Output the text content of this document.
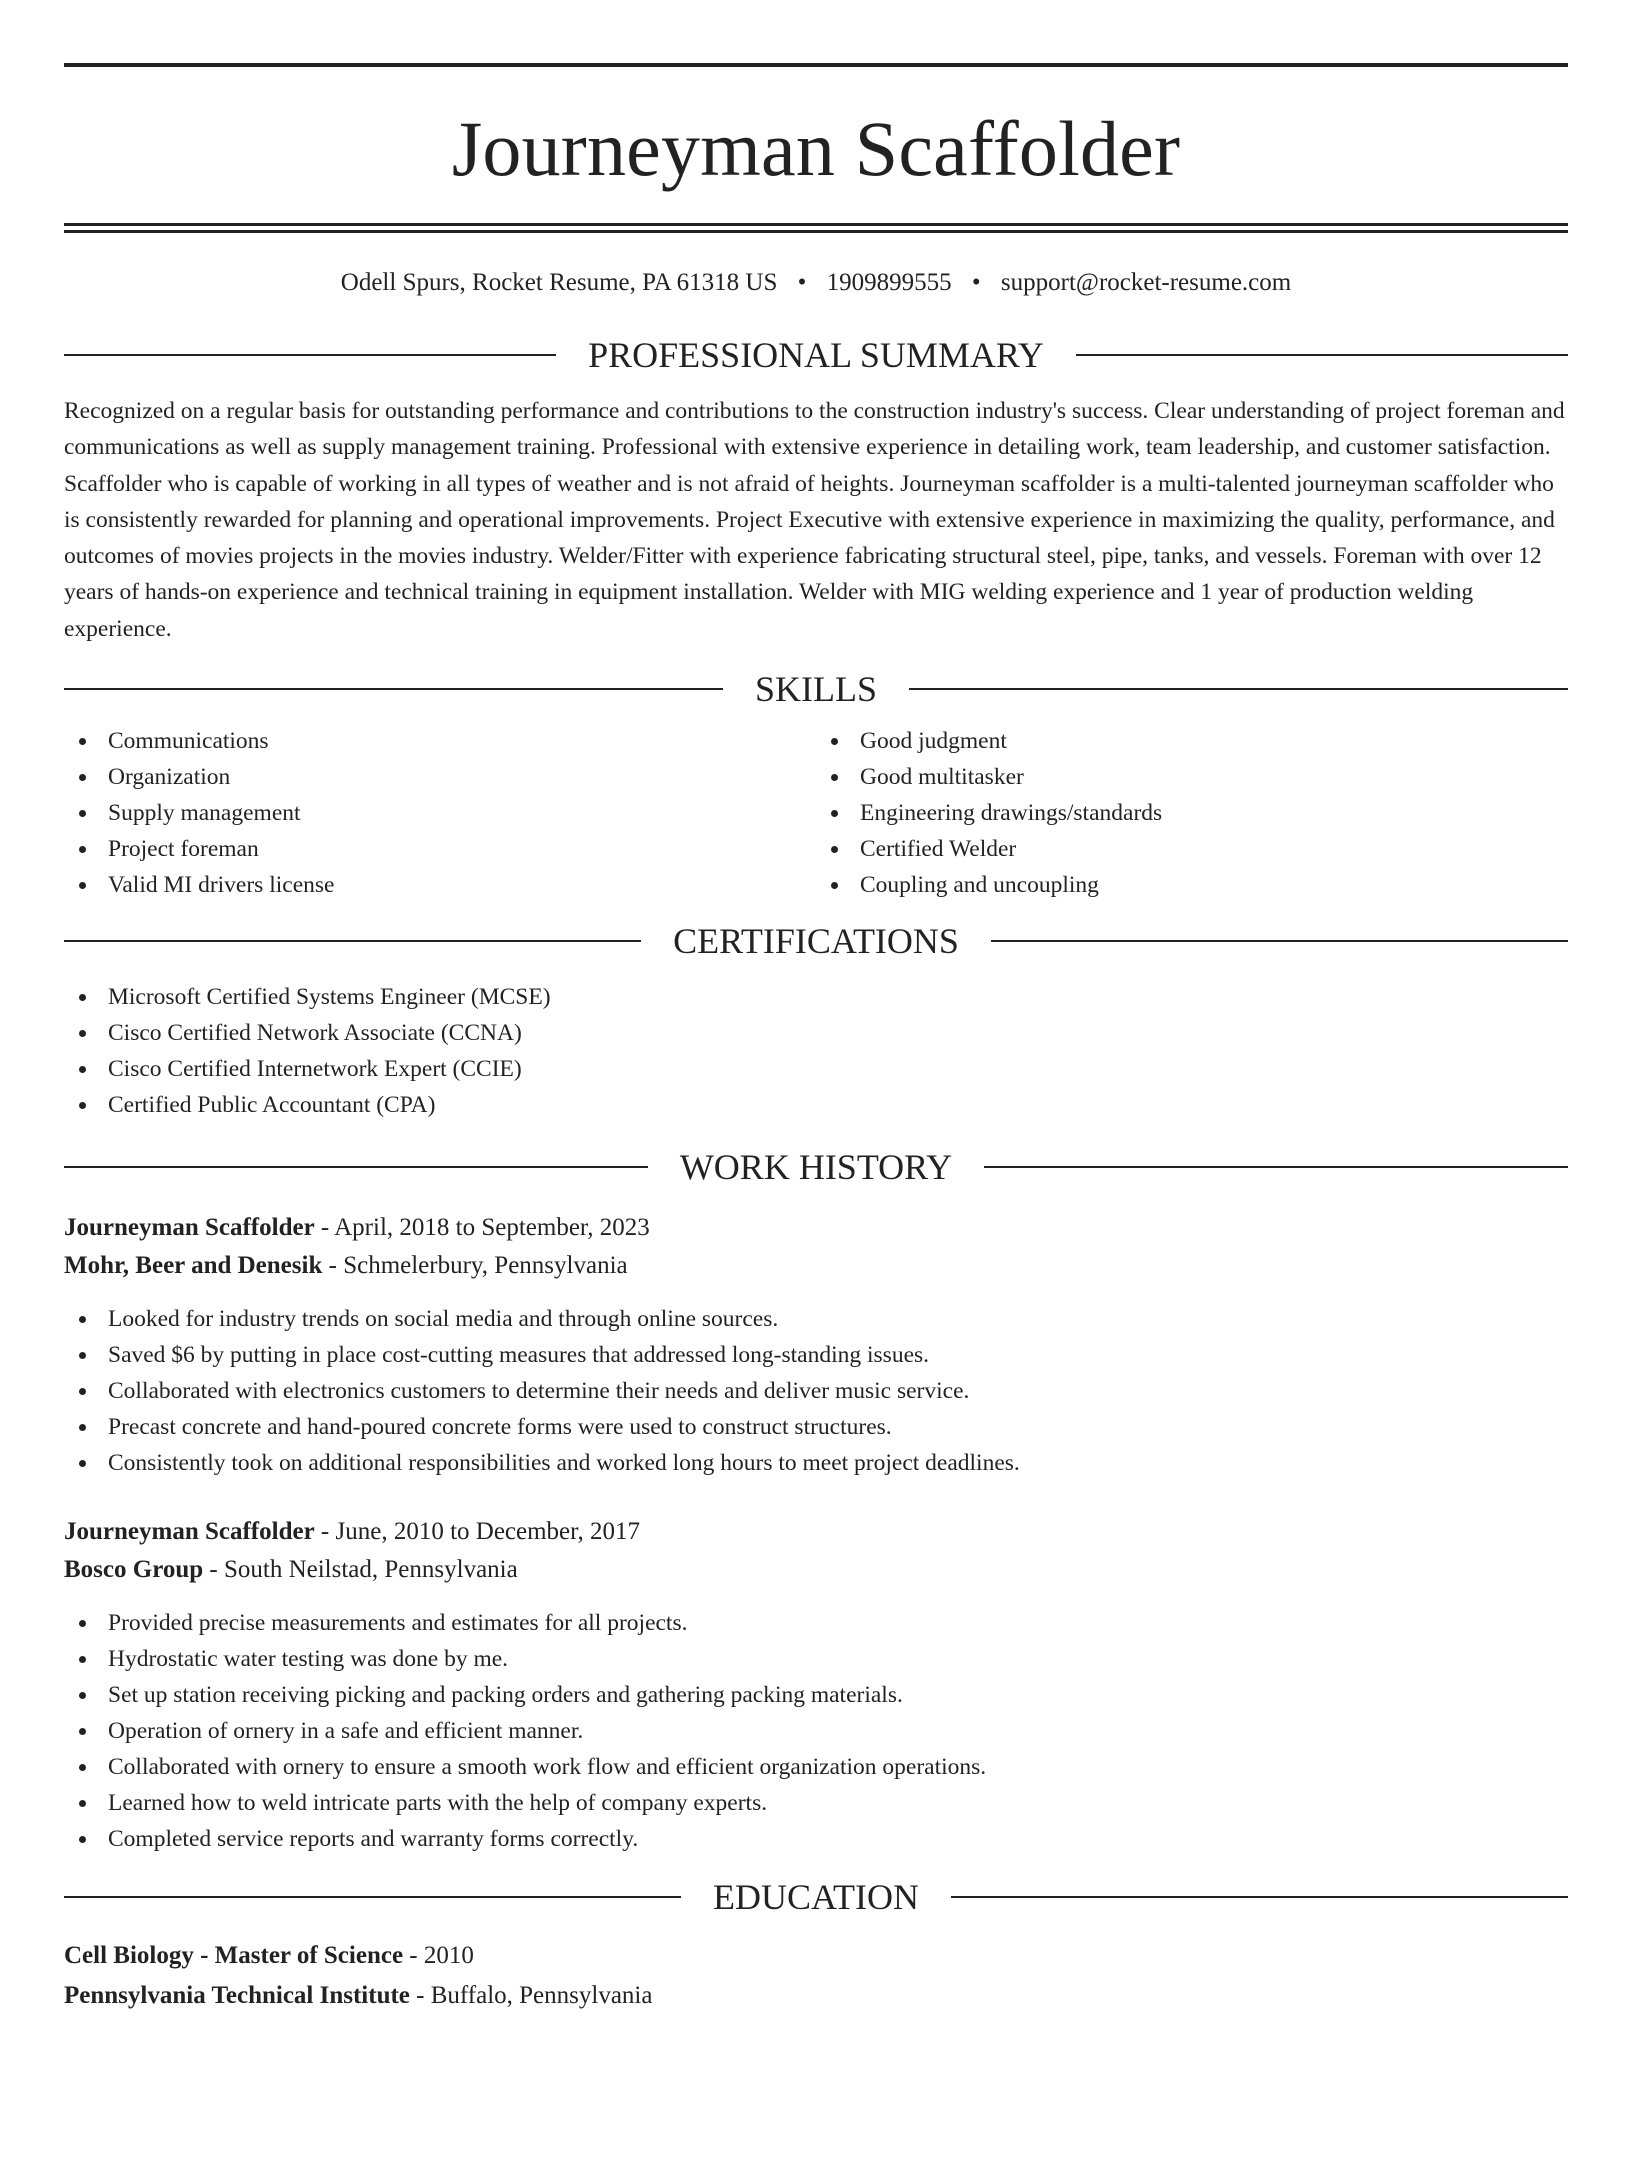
Journeyman Scaffolder
Odell Spurs, Rocket Resume, PA 61318 US • 1909899555 • support@rocket-resume.com
PROFESSIONAL SUMMARY

Recognized on a regular basis for outstanding performance and contributions to the construction industry's success. Clear understanding of project foreman and communications as well as supply management training. Professional with extensive experience in detailing work, team leadership, and customer satisfaction. Scaffolder who is capable of working in all types of weather and is not afraid of heights. Journeyman scaffolder is a multi-talented journeyman scaffolder who is consistently rewarded for planning and operational improvements. Project Executive with extensive experience in maximizing the quality, performance, and outcomes of movies projects in the movies industry. Welder/Fitter with experience fabricating structural steel, pipe, tanks, and vessels. Foreman with over 12 years of hands-on experience and technical training in equipment installation. Welder with MIG welding experience and 1 year of production welding experience.

SKILLS
Communications
Organization
Supply management
Project foreman
Valid MI drivers license
Good judgment
Good multitasker
Engineering drawings/standards
Certified Welder
Coupling and uncoupling
CERTIFICATIONS
Microsoft Certified Systems Engineer (MCSE)
Cisco Certified Network Associate (CCNA)
Cisco Certified Internetwork Expert (CCIE)
Certified Public Accountant (CPA)
WORK HISTORY
Journeyman Scaffolder - April, 2018 to September, 2023
Mohr, Beer and Denesik - Schmelerbury, Pennsylvania
Looked for industry trends on social media and through online sources.
Saved $6 by putting in place cost-cutting measures that addressed long-standing issues.
Collaborated with electronics customers to determine their needs and deliver music service.
Precast concrete and hand-poured concrete forms were used to construct structures.
Consistently took on additional responsibilities and worked long hours to meet project deadlines.
Journeyman Scaffolder - June, 2010 to December, 2017
Bosco Group - South Neilstad, Pennsylvania
Provided precise measurements and estimates for all projects.
Hydrostatic water testing was done by me.
Set up station receiving picking and packing orders and gathering packing materials.
Operation of ornery in a safe and efficient manner.
Collaborated with ornery to ensure a smooth work flow and efficient organization operations.
Learned how to weld intricate parts with the help of company experts.
Completed service reports and warranty forms correctly.
EDUCATION
Cell Biology - Master of Science - 2010
Pennsylvania Technical Institute - Buffalo, Pennsylvania
